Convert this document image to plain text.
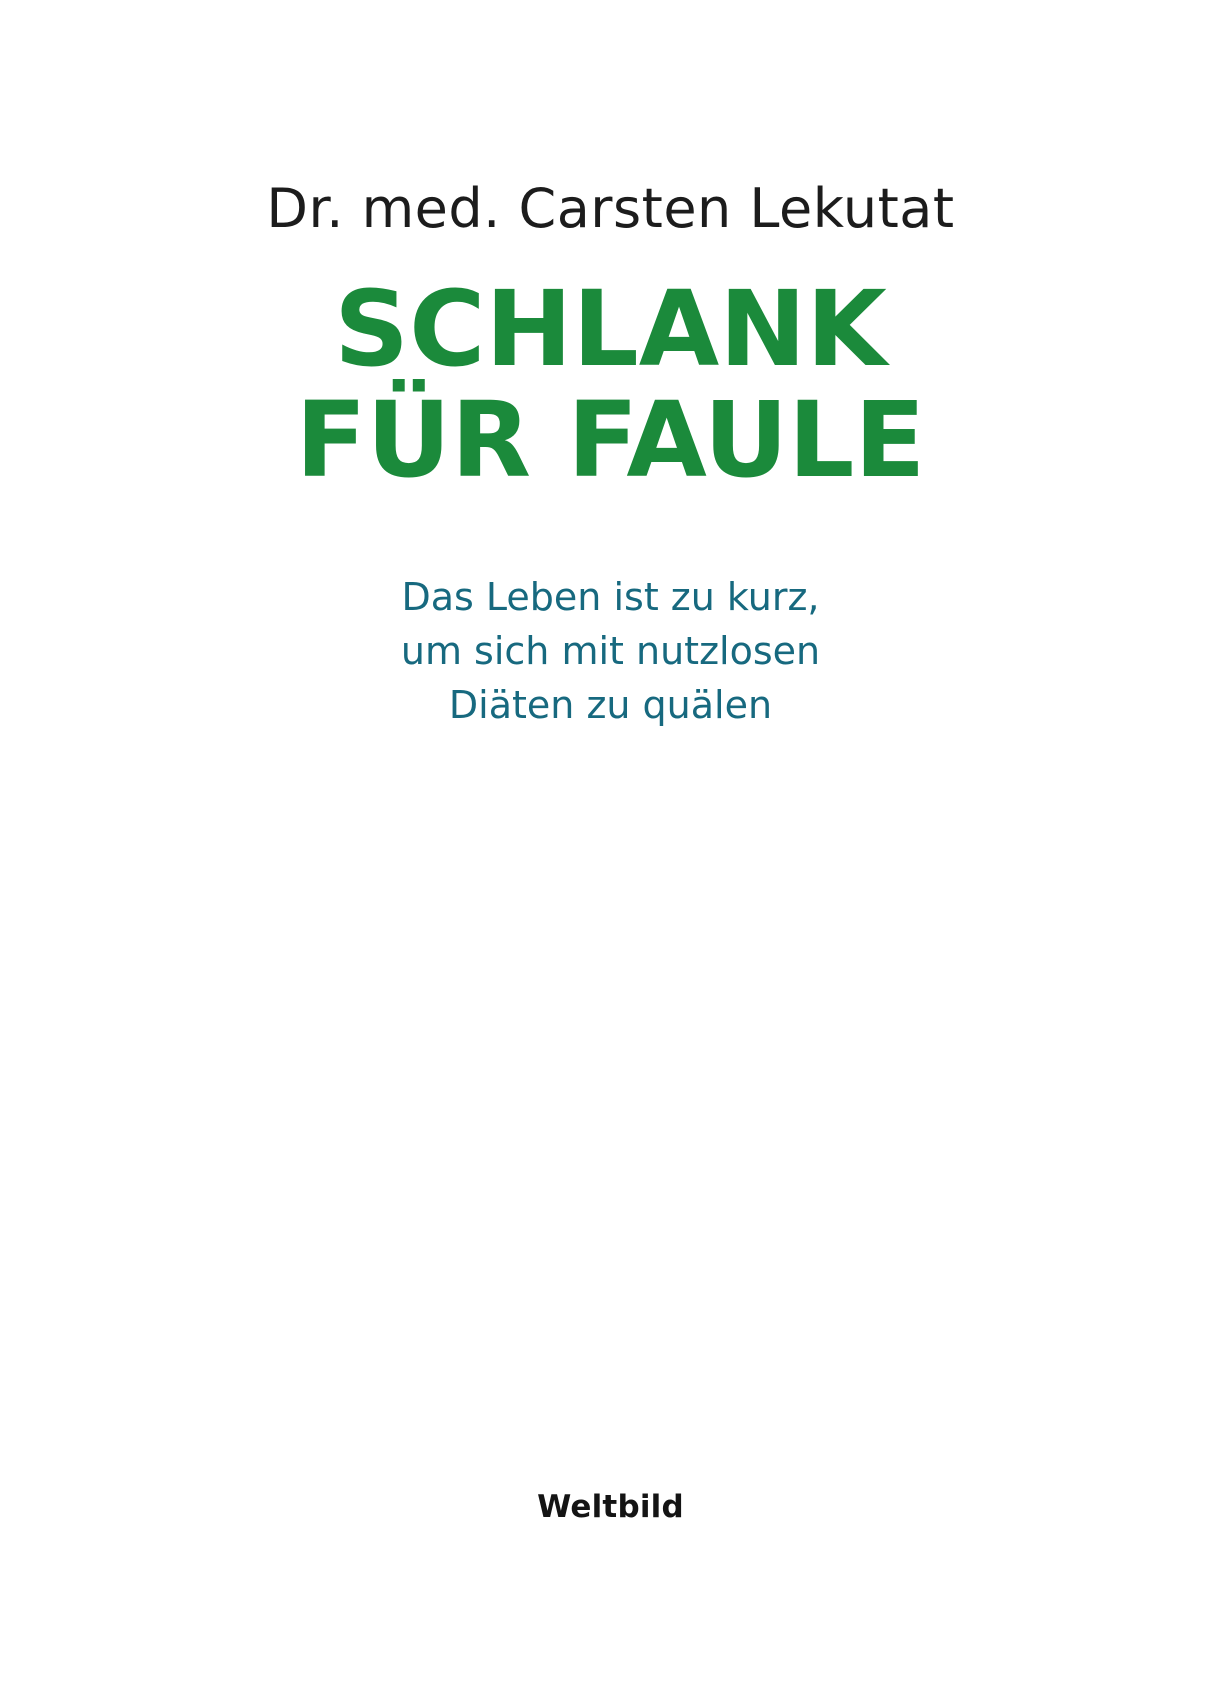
Dr. med. Carsten Lekutat
SCHLANK
FÜR FAULE
Das Leben ist zu kurz,
um sich mit nutzlosen
Diäten zu quälen
Weltbild
